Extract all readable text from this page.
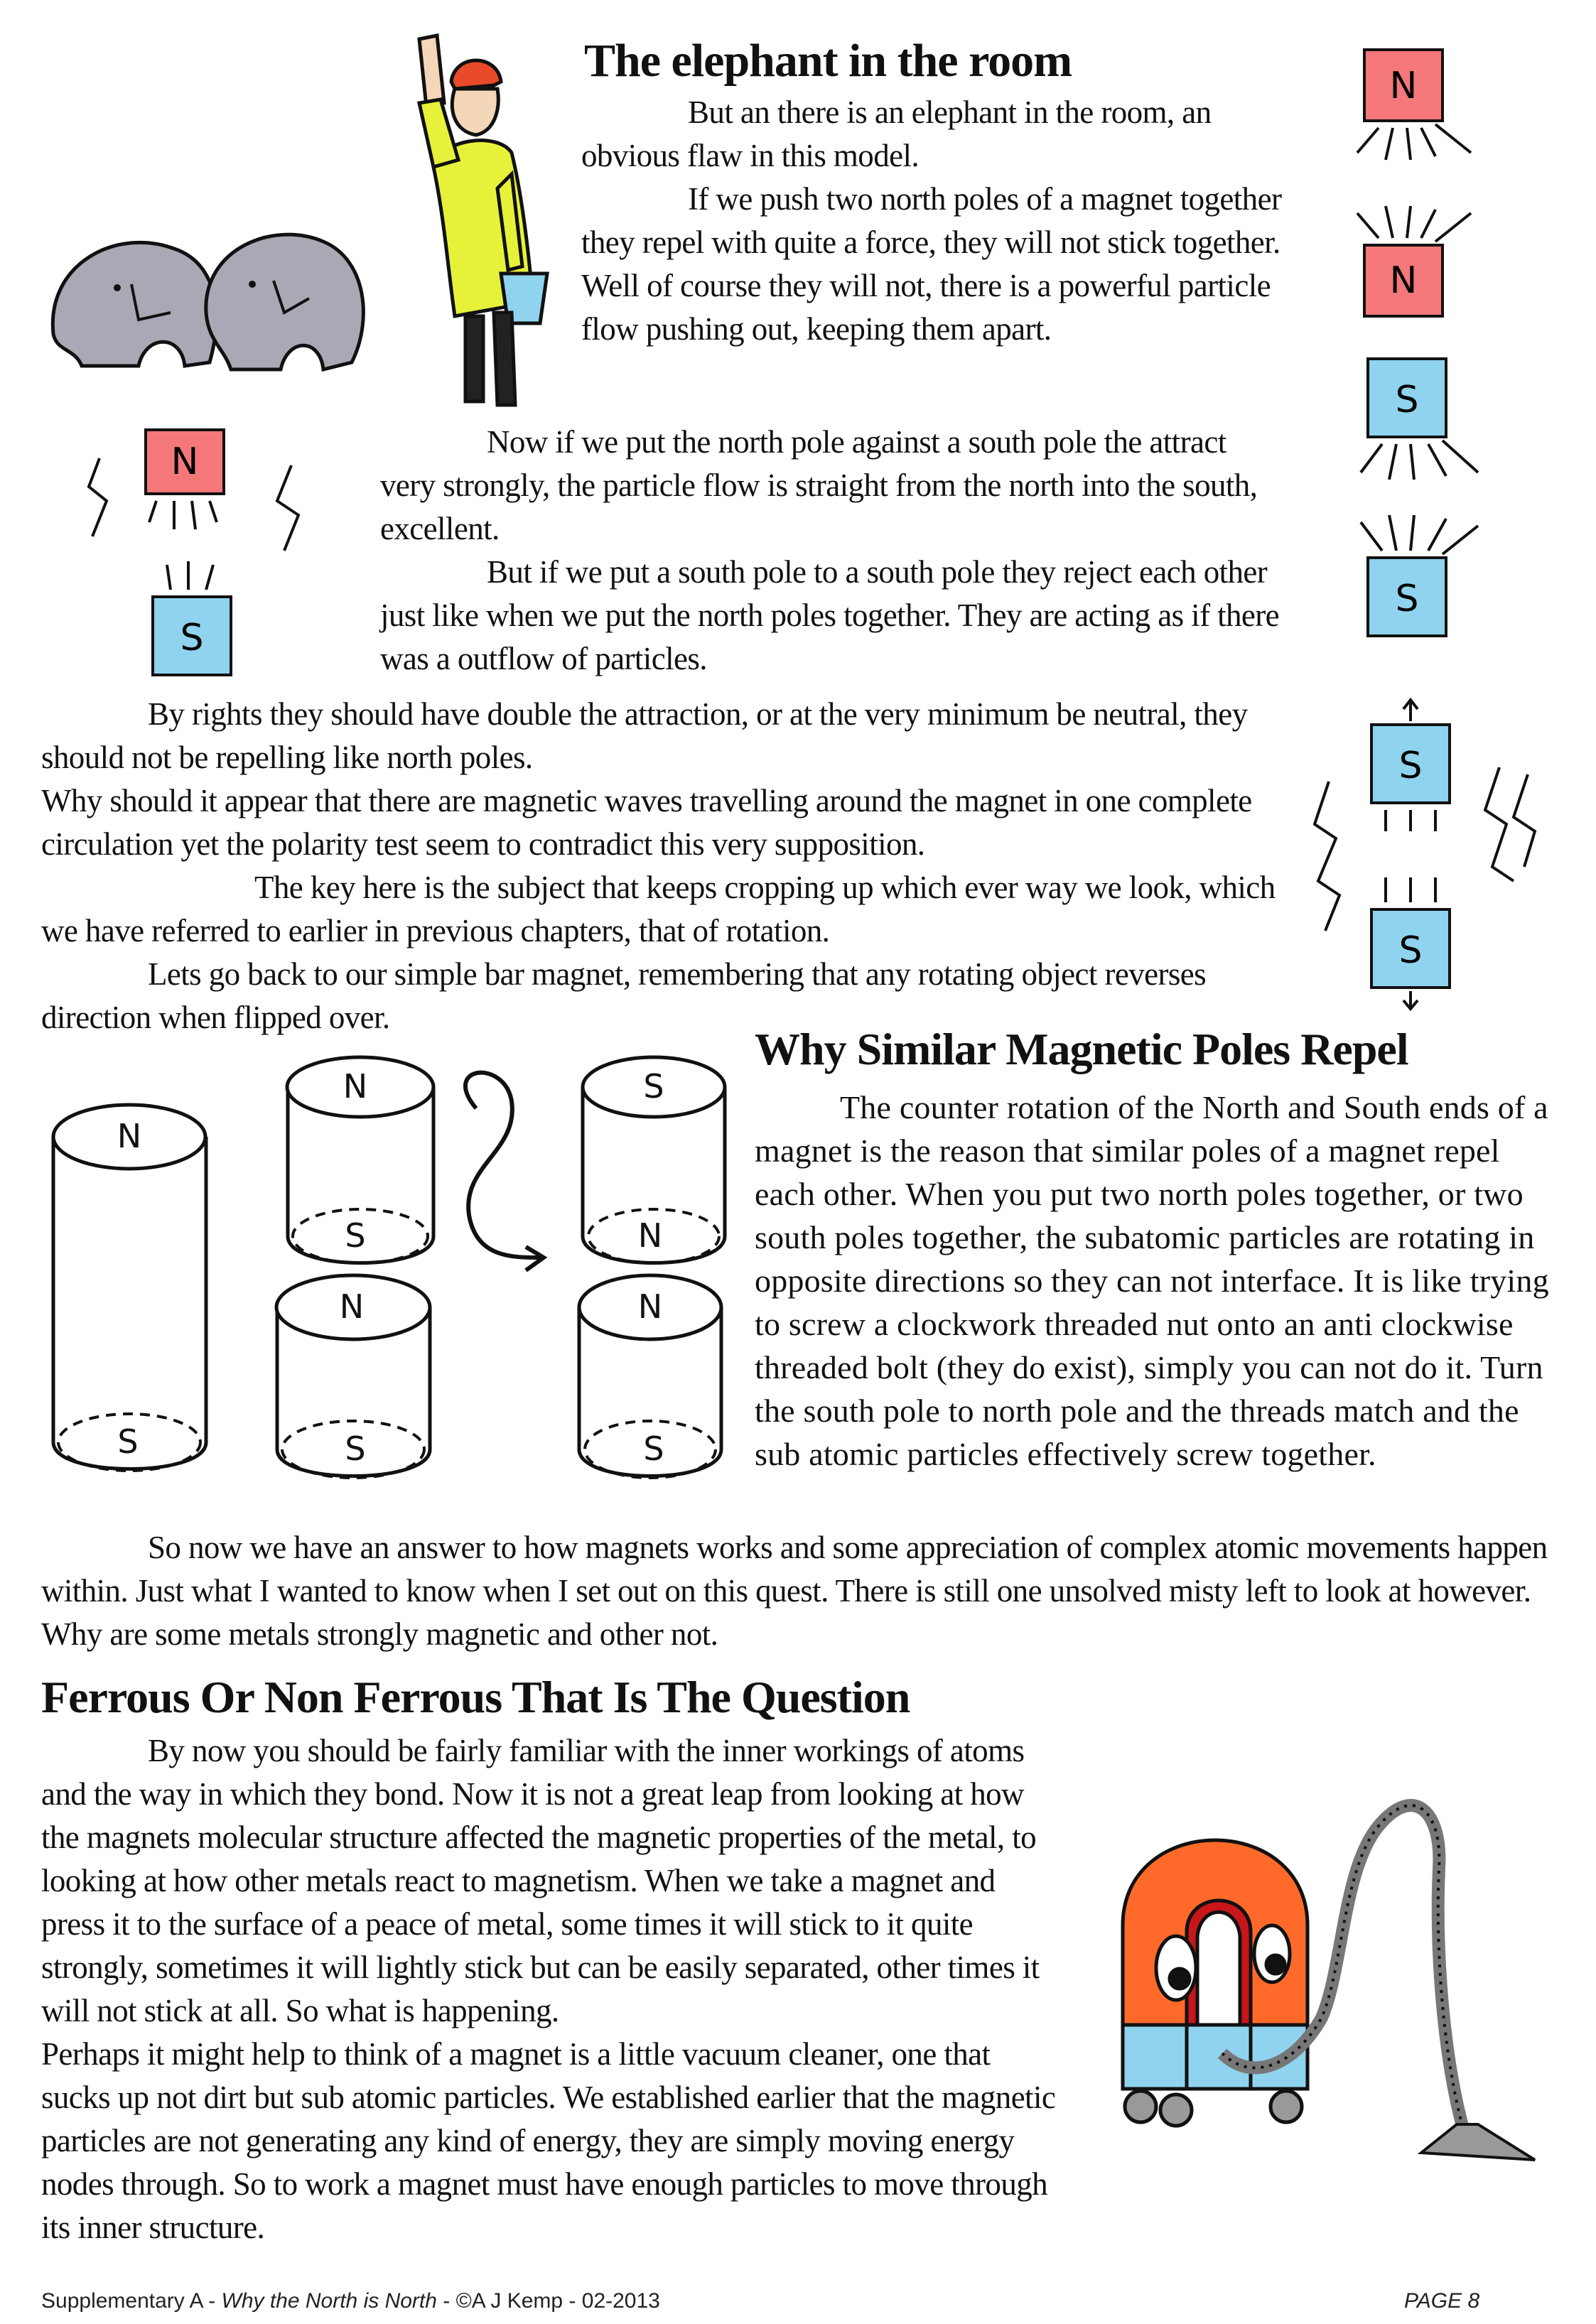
The elephant in the room

But an there is an elephant in the room, an obvious flaw in this model.

If we push two north poles of a magnet together they repel with quite a force, they will not stick together. Well of course they will not, there is a powerful particle flow pushing out, keeping them apart.

Now if we put the north pole against a south pole the attract very strongly, the particle flow is straight from the north into the south, excellent.

But if we put a south pole to a south pole they reject each other just like when we put the north poles together. They are acting as if there was a outflow of particles.

By rights they should have double the attraction, or at the very minimum be neutral, they should not be repelling like north poles.

Why should it appear that there are magnetic waves travelling around the magnet in one complete circulation yet the polarity test seem to contradict this very supposition.

The key here is the subject that keeps cropping up which ever way we look, which we have referred to earlier in previous chapters, that of rotation.

Lets go back to our simple bar magnet, remembering that any rotating object reverses direction when flipped over.

Why Similar Magnetic Poles Repel

The counter rotation of the North and South ends of a magnet is the reason that similar poles of a magnet repel each other. When you put two north poles together, or two south poles together, the subatomic particles are rotating in opposite directions so they can not interface. It is like trying to screw a clockwork threaded nut onto an anti clockwise threaded bolt (they do exist), simply you can not do it. Turn the south pole to north pole and the threads match and the sub atomic particles effectively screw together.

So now we have an answer to how magnets works and some appreciation of complex atomic movements happen within. Just what I wanted to know when I set out on this quest. There is still one unsolved misty left to look at however. Why are some metals strongly magnetic and other not.

Ferrous Or Non Ferrous That Is The Question

By now you should be fairly familiar with the inner workings of atoms and the way in which they bond. Now it is not a great leap from looking at how the magnets molecular structure affected the magnetic properties of the metal, to looking at how other metals react to magnetism. When we take a magnet and press it to the surface of a peace of metal, some times it will stick to it quite strongly, sometimes it will lightly stick but can be easily separated, other times it will not stick at all. So what is happening.

Perhaps it might help to think of a magnet is a little vacuum cleaner, one that sucks up not dirt but sub atomic particles. We established earlier that the magnetic particles are not generating any kind of energy, they are simply moving energy nodes through. So to work a magnet must have enough particles to move through its inner structure.

Supplementary A - Why the North is North - ©A J Kemp - 02-2013	PAGE 8
N
N
S
S
S
S
N
S
N
S
N
S
N
S
S
N
N
S
